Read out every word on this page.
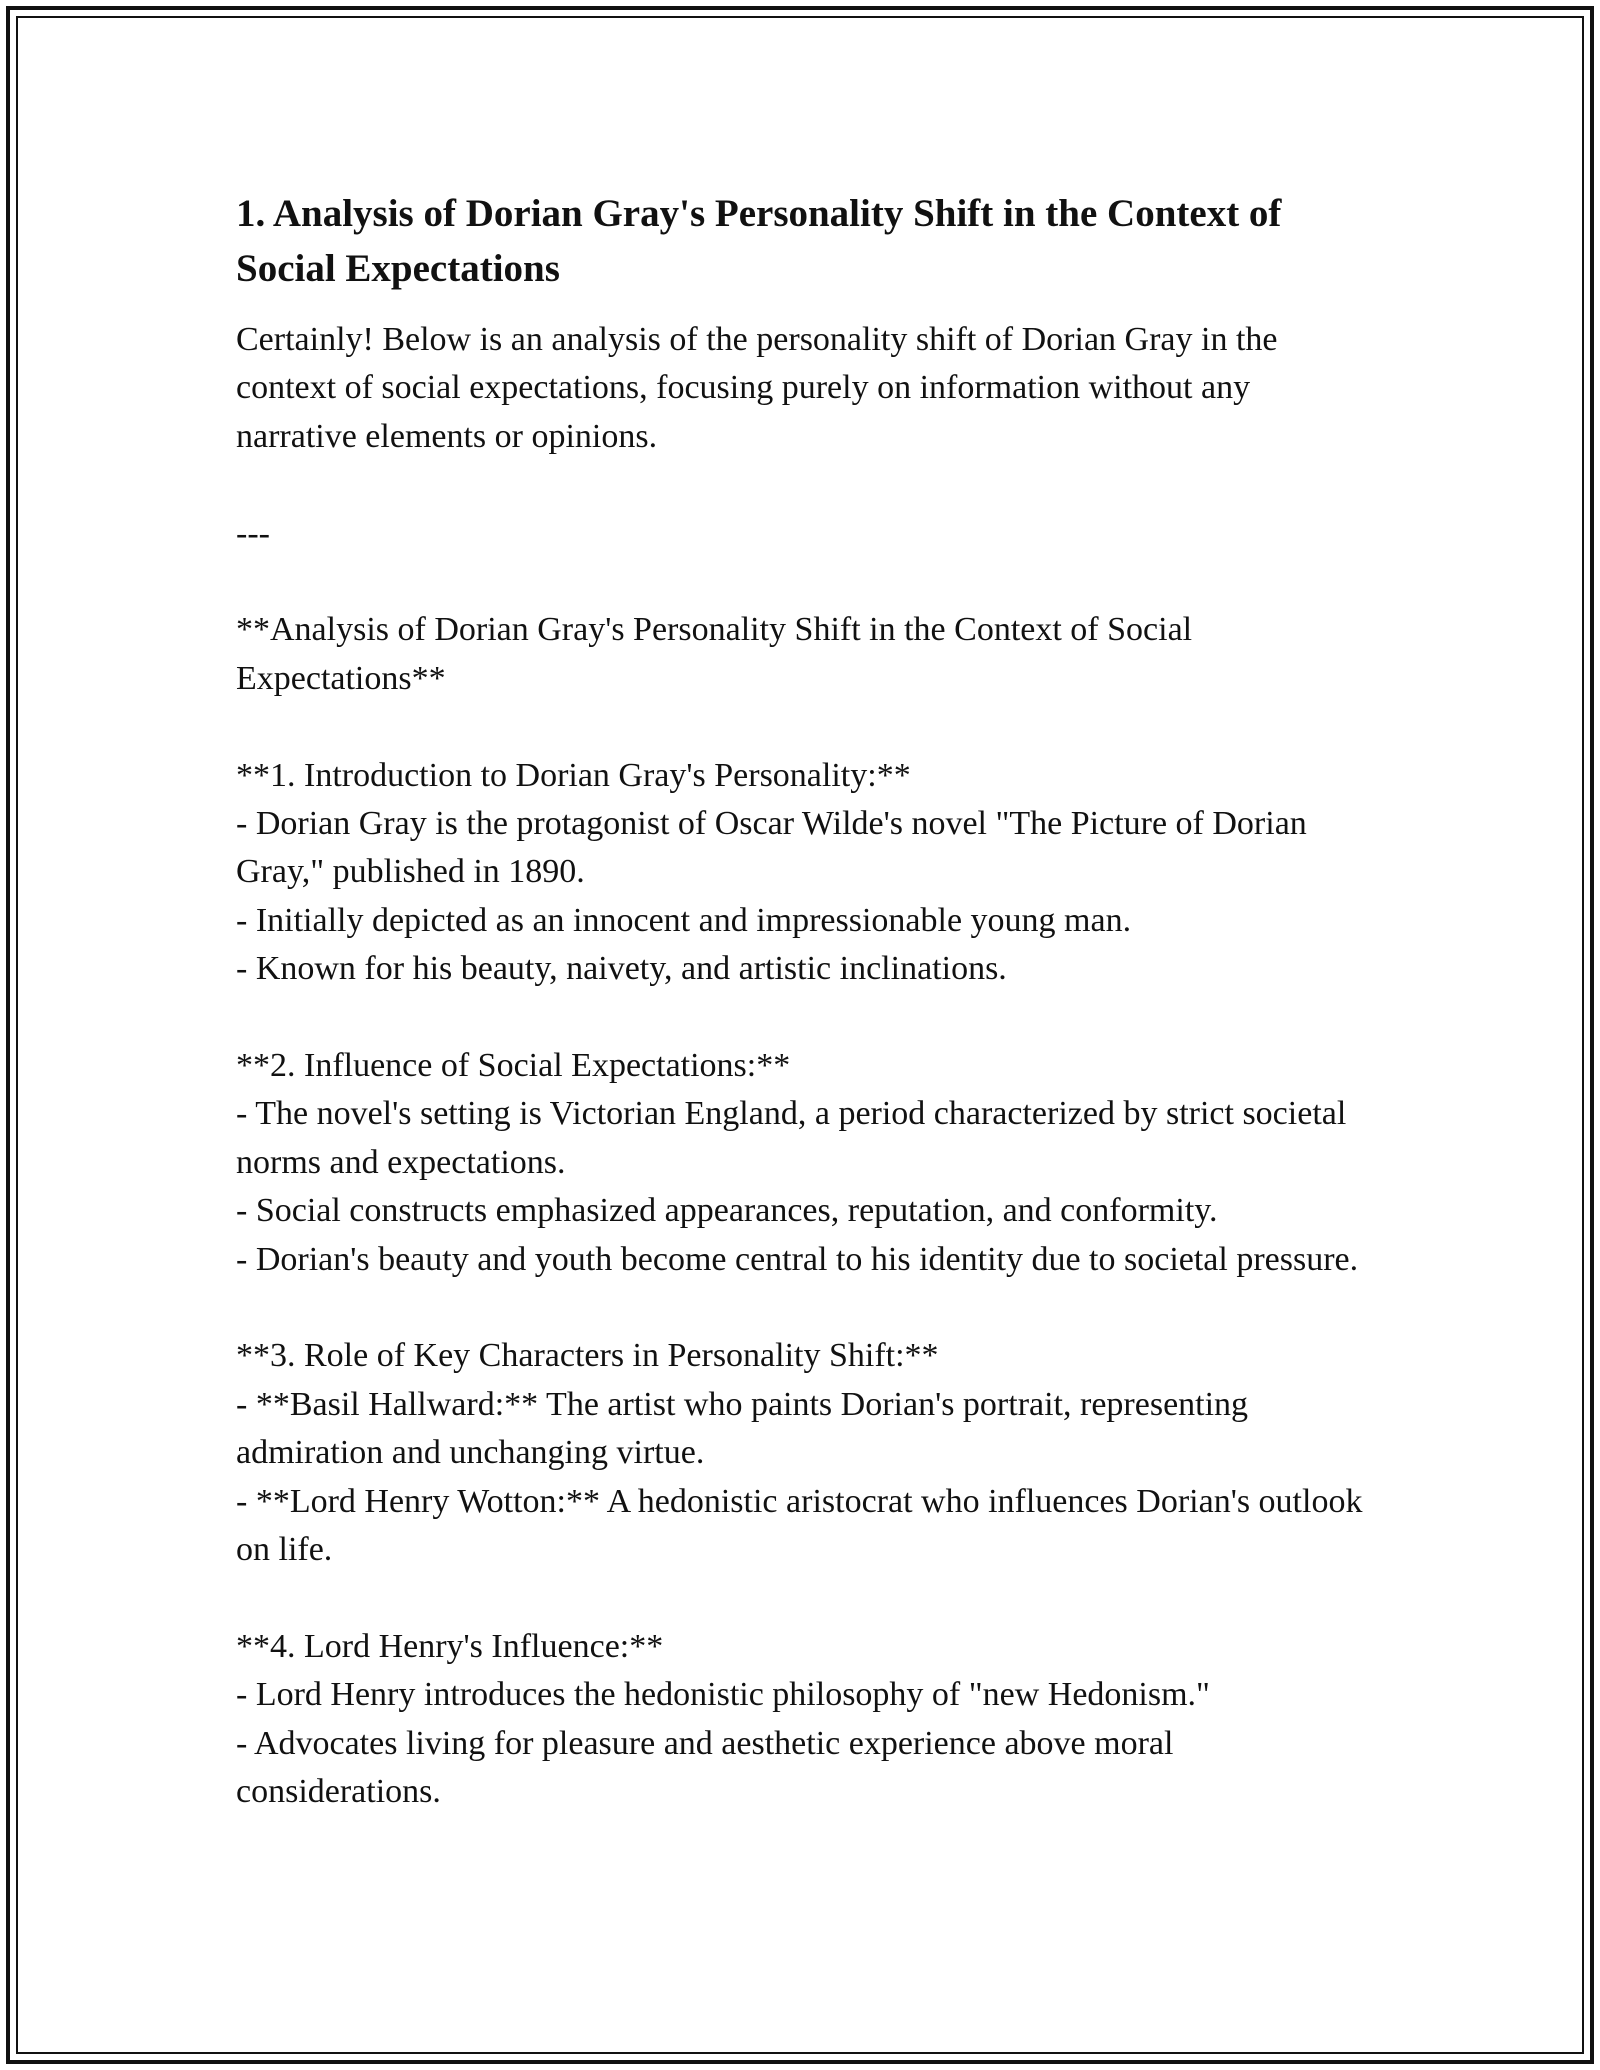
1. Analysis of Dorian Gray's Personality Shift in the Context of Social Expectations

Certainly! Below is an analysis of the personality shift of Dorian Gray in the context of social expectations, focusing purely on information without any narrative elements or opinions.

---
**Analysis of Dorian Gray's Personality Shift in the Context of Social Expectations**
**1. Introduction to Dorian Gray's Personality:**
- Dorian Gray is the protagonist of Oscar Wilde's novel "The Picture of Dorian Gray," published in 1890.
- Initially depicted as an innocent and impressionable young man.
- Known for his beauty, naivety, and artistic inclinations.
**2. Influence of Social Expectations:**
- The novel's setting is Victorian England, a period characterized by strict societal norms and expectations.
- Social constructs emphasized appearances, reputation, and conformity.
- Dorian's beauty and youth become central to his identity due to societal pressure.
**3. Role of Key Characters in Personality Shift:**
- **Basil Hallward:** The artist who paints Dorian's portrait, representing admiration and unchanging virtue.
- **Lord Henry Wotton:** A hedonistic aristocrat who influences Dorian's outlook on life.
**4. Lord Henry's Influence:**
- Lord Henry introduces the hedonistic philosophy of "new Hedonism."
- Advocates living for pleasure and aesthetic experience above moral considerations.
